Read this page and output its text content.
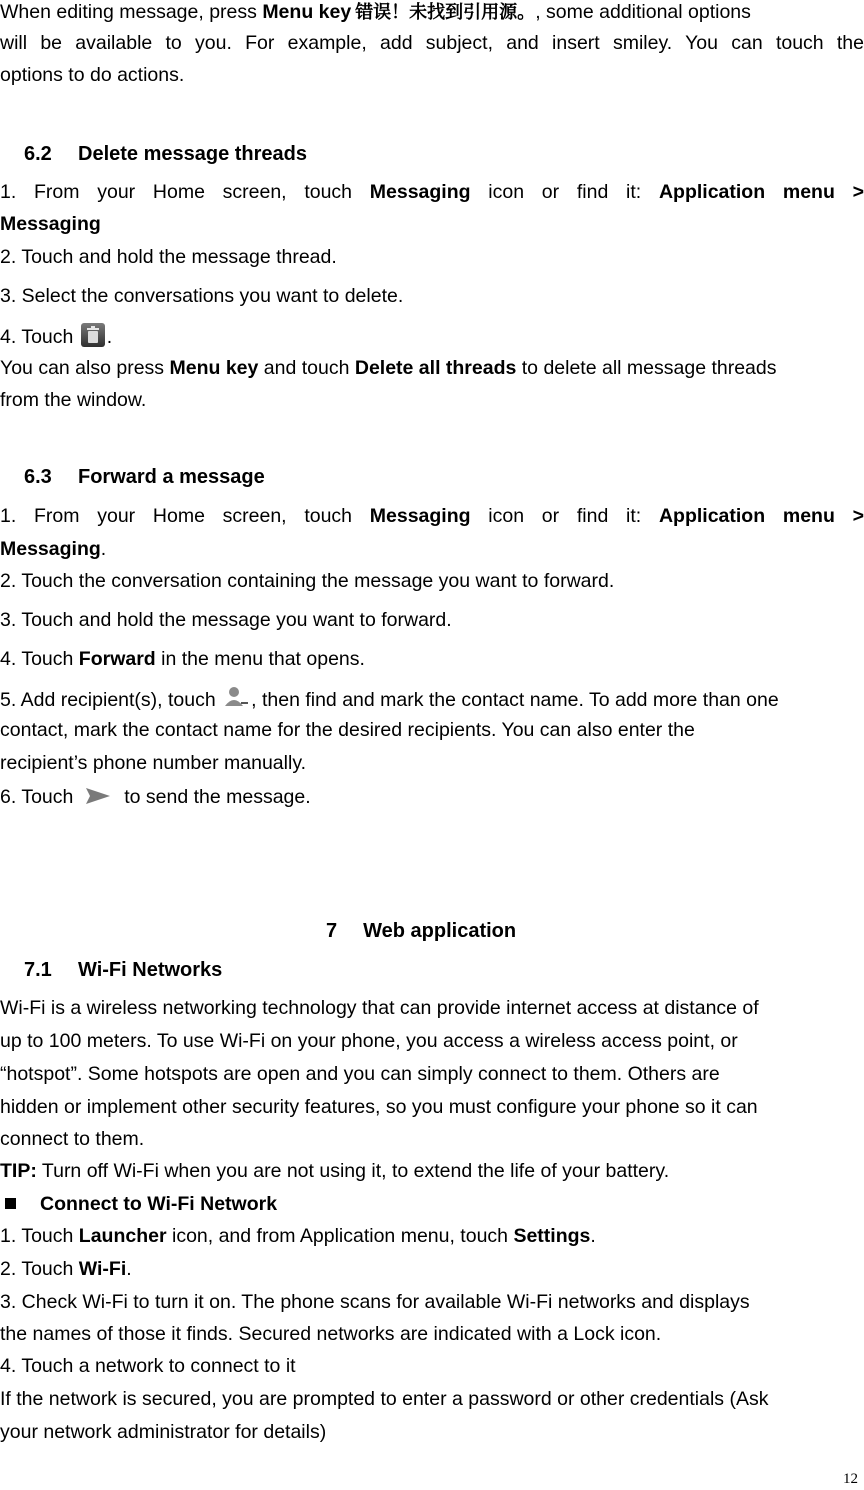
When editing message, press Menu key 错误！未找到引用源。, some additional options
will be available to you. For example, add subject, and insert smiley. You can touch the
options to do actions.
6.2 Delete message threads
1. From your Home screen, touch Messaging icon or find it: Application menu >
Messaging
2. Touch and hold the message thread.
3. Select the conversations you want to delete.
4. Touch .
You can also press Menu key and touch Delete all threads to delete all message threads
from the window.
6.3 Forward a message
1. From your Home screen, touch Messaging icon or find it: Application menu >
Messaging.
2. Touch the conversation containing the message you want to forward.
3. Touch and hold the message you want to forward.
4. Touch Forward in the menu that opens.
5. Add recipient(s), touch , then find and mark the contact name. To add more than one
contact, mark the contact name for the desired recipients. You can also enter the
recipient’s phone number manually.
6. Touch  to send the message.
7 Web application
7.1 Wi-Fi Networks
Wi-Fi is a wireless networking technology that can provide internet access at distance of
up to 100 meters. To use Wi-Fi on your phone, you access a wireless access point, or
“hotspot”. Some hotspots are open and you can simply connect to them. Others are
hidden or implement other security features, so you must configure your phone so it can
connect to them.
TIP: Turn off Wi-Fi when you are not using it, to extend the life of your battery.
Connect to Wi-Fi Network
1. Touch Launcher icon, and from Application menu, touch Settings.
2. Touch Wi-Fi.
3. Check Wi-Fi to turn it on. The phone scans for available Wi-Fi networks and displays
the names of those it finds. Secured networks are indicated with a Lock icon.
4. Touch a network to connect to it
If the network is secured, you are prompted to enter a password or other credentials (Ask
your network administrator for details)
12
